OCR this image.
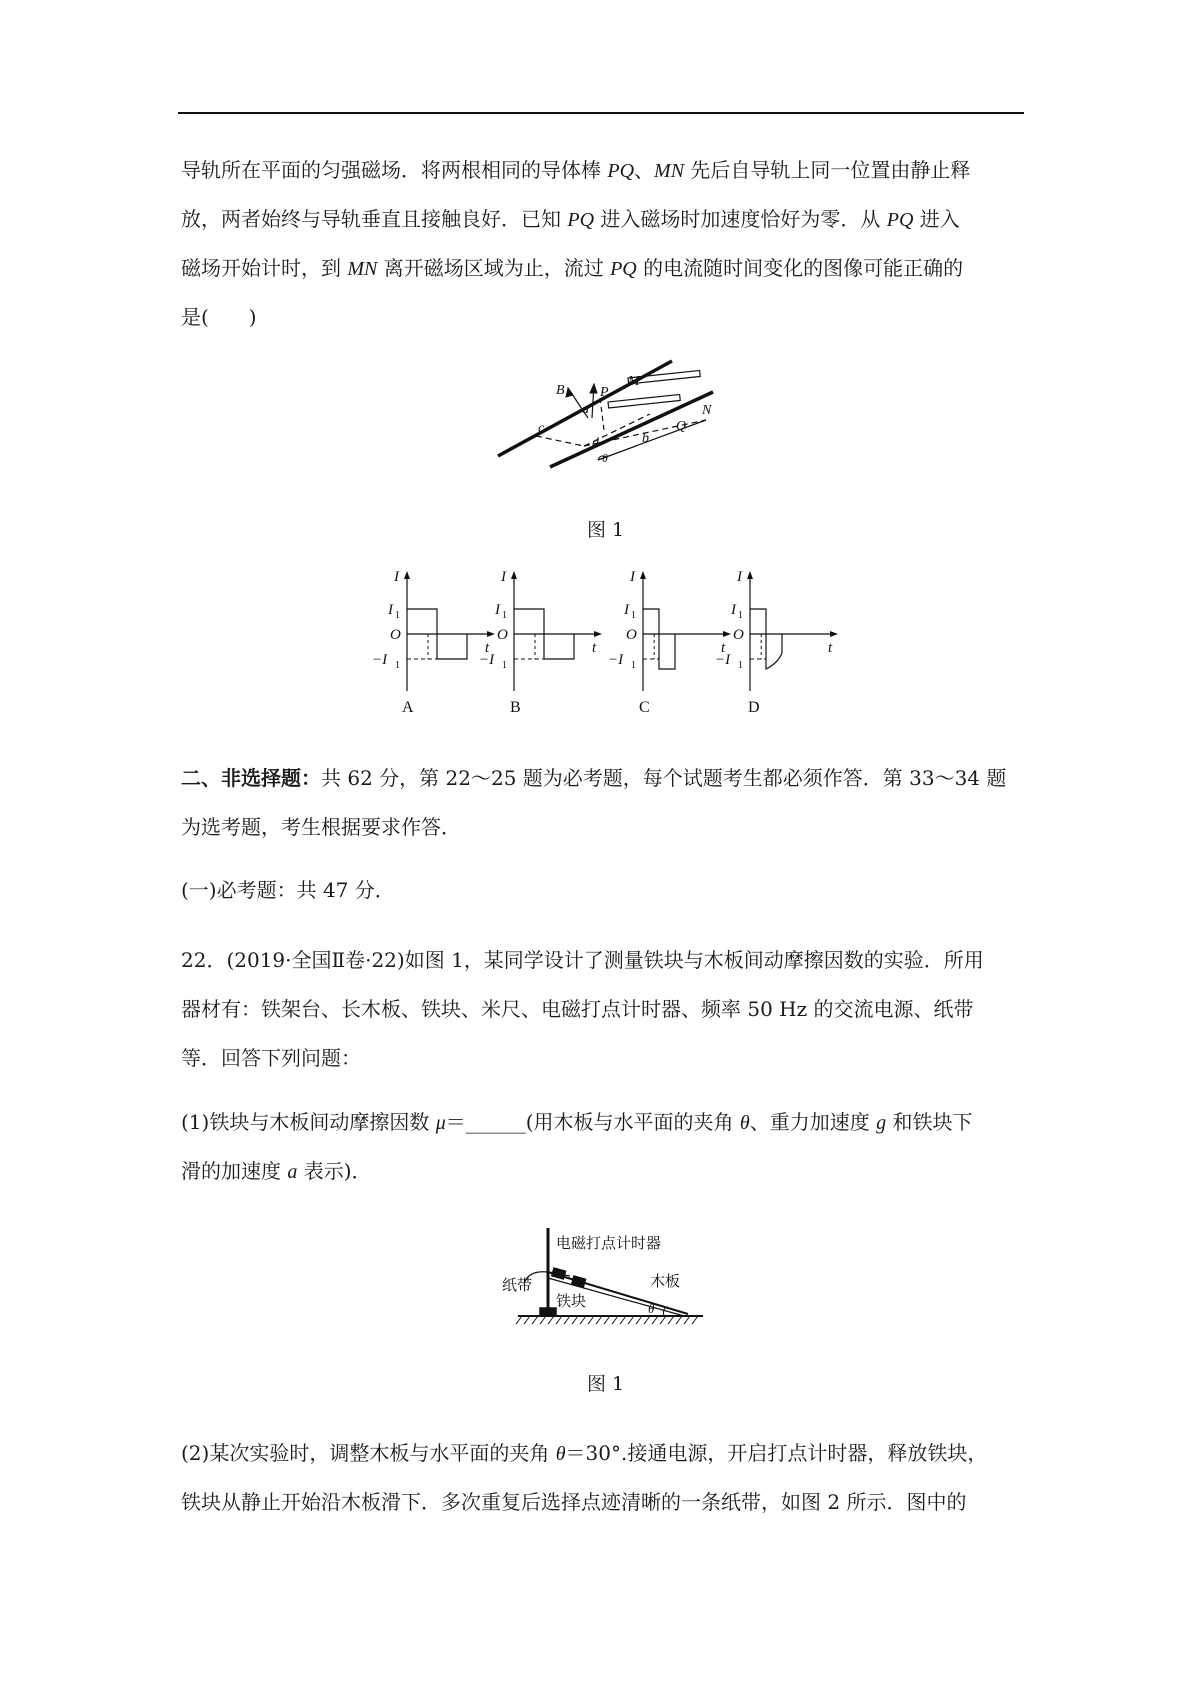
导轨所在平面的匀强磁场．将两根相同的导体棒 PQ、MN 先后自导轨上同一位置由静止释
放，两者始终与导轨垂直且接触良好．已知 PQ 进入磁场时加速度恰好为零．从 PQ 进入
磁场开始计时，到 MN 离开磁场区域为止，流过 PQ 的电流随时间变化的图像可能正确的
是(　　)
B	P
M
a	N
Q
c
d	b
θ
图 1
I
I 1
O
−I 1
t
A
I
I 1
O
−I 1
t
B
I
I 1
O
−I 1
t
C
I
I 1
O
−I 1
t
D
二、非选择题：共 62 分，第 22～25 题为必考题，每个试题考生都必须作答．第 33～34 题
为选考题，考生根据要求作答．
(一)必考题：共 47 分．
22．(2019·全国Ⅱ卷·22)如图 1，某同学设计了测量铁块与木板间动摩擦因数的实验．所用
器材有：铁架台、长木板、铁块、米尺、电磁打点计时器、频率 50 Hz 的交流电源、纸带
等．回答下列问题：
(1)铁块与木板间动摩擦因数 μ＝______(用木板与水平面的夹角 θ、重力加速度 g 和铁块下
滑的加速度 a 表示)．
电磁打点计时器
纸带	木板
铁块	θ
图 1
(2)某次实验时，调整木板与水平面的夹角 θ＝30°.接通电源，开启打点计时器，释放铁块，
铁块从静止开始沿木板滑下．多次重复后选择点迹清晰的一条纸带，如图 2 所示．图中的
